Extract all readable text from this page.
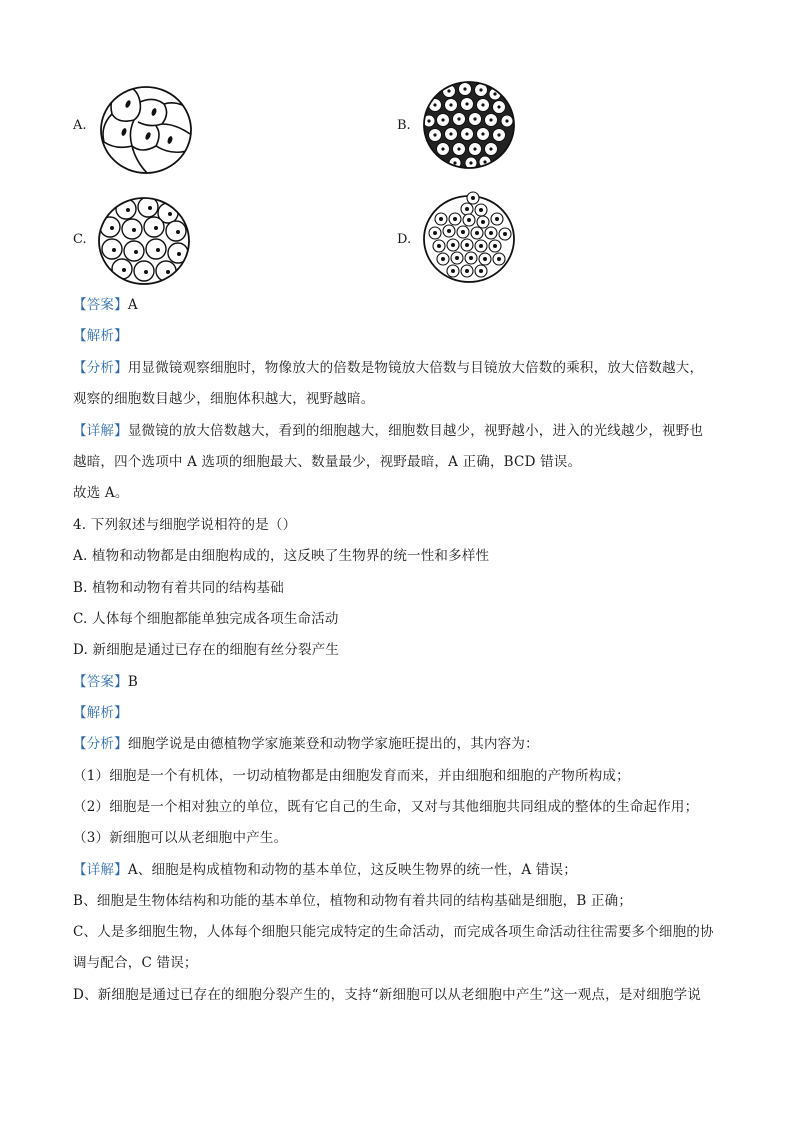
A.	B.
C.	D.
【答案】A
【解析】
【分析】用显微镜观察细胞时，物像放大的倍数是物镜放大倍数与目镜放大倍数的乘积，放大倍数越大，
观察的细胞数目越少，细胞体积越大，视野越暗。
【详解】显微镜的放大倍数越大，看到的细胞越大，细胞数目越少，视野越小，进入的光线越少，视野也
越暗，四个选项中 A 选项的细胞最大、数量最少，视野最暗，A 正确，BCD 错误。
故选 A。
4. 下列叙述与细胞学说相符的是（）
A. 植物和动物都是由细胞构成的，这反映了生物界的统一性和多样性
B. 植物和动物有着共同的结构基础
C. 人体每个细胞都能单独完成各项生命活动
D. 新细胞是通过已存在的细胞有丝分裂产生
【答案】B
【解析】
【分析】细胞学说是由德植物学家施莱登和动物学家施旺提出的，其内容为：
（1）细胞是一个有机体，一切动植物都是由细胞发育而来，并由细胞和细胞的产物所构成；
（2）细胞是一个相对独立的单位，既有它自己的生命，又对与其他细胞共同组成的整体的生命起作用；
（3）新细胞可以从老细胞中产生。
【详解】A、细胞是构成植物和动物的基本单位，这反映生物界的统一性，A 错误；
B、细胞是生物体结构和功能的基本单位，植物和动物有着共同的结构基础是细胞，B 正确；
C、人是多细胞生物，人体每个细胞只能完成特定的生命活动，而完成各项生命活动往往需要多个细胞的协
调与配合，C 错误；
D、新细胞是通过已存在的细胞分裂产生的，支持“新细胞可以从老细胞中产生”这一观点，是对细胞学说
